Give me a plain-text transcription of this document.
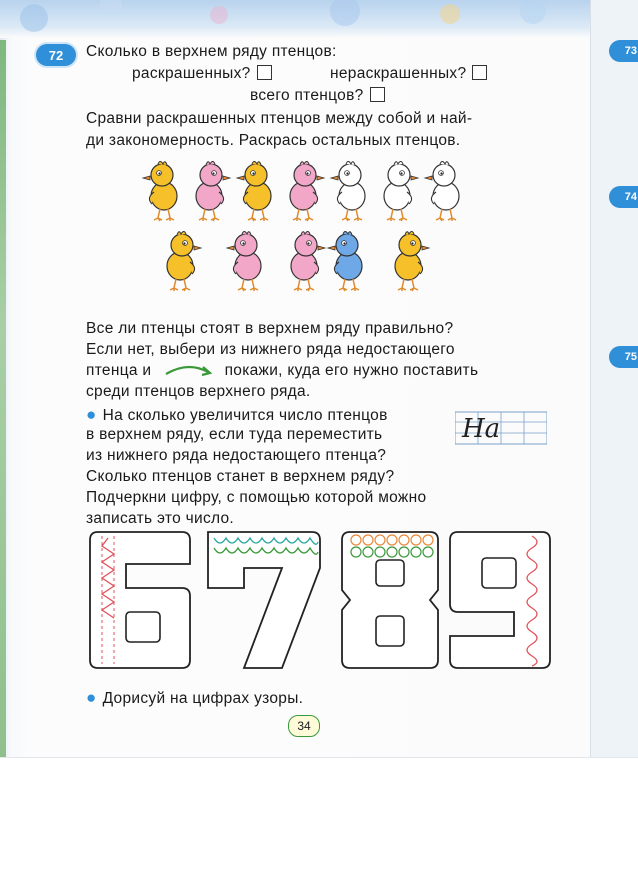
73
74
75
72	Сколько в верхнем ряду птенцов:
раскрашенных?	нераскрашенных?
всего птенцов?
Сравни раскрашенных птенцов между собой и най-
ди закономерность. Раскрась остальных птенцов.
Все ли птенцы стоят в верхнем ряду правильно?
Если нет, выбери из нижнего ряда недостающего
птенца и	покажи, куда его нужно поставить
среди птенцов верхнего ряда.
● На сколько увеличится число птенцов
в верхнем ряду, если туда переместить
из нижнего ряда недостающего птенца?
На
Сколько птенцов станет в верхнем ряду?
Подчеркни цифру, с помощью которой можно
записать это число.
● Дорисуй на цифрах узоры.
34
